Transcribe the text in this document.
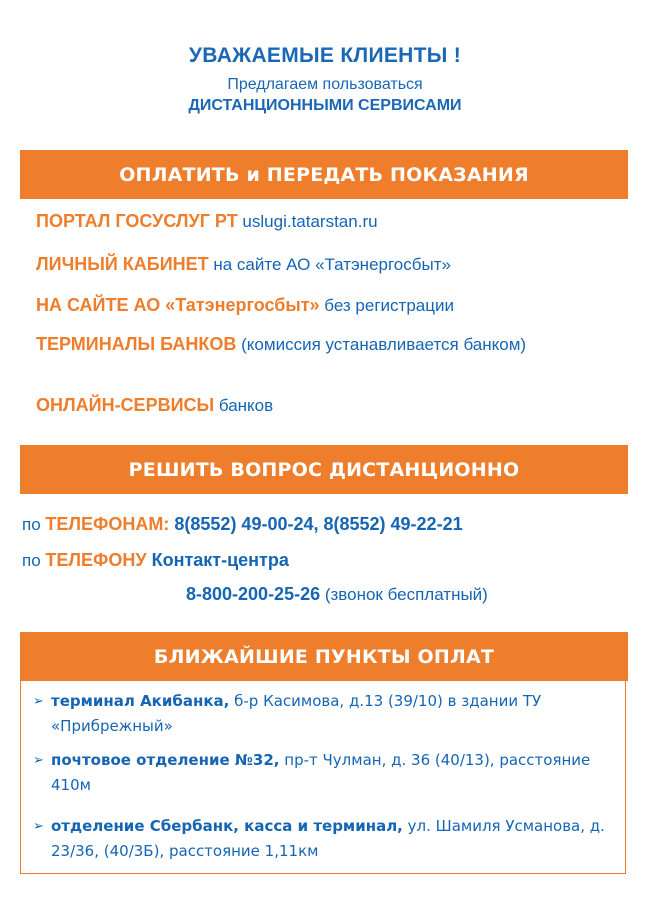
УВАЖАЕМЫЕ КЛИЕНТЫ !
Предлагаем пользоваться
ДИСТАНЦИОННЫМИ СЕРВИСАМИ
ОПЛАТИТЬ и ПЕРЕДАТЬ ПОКАЗАНИЯ
ПОРТАЛ ГОСУСЛУГ РТ uslugi.tatarstan.ru
ЛИЧНЫЙ КАБИНЕТ на сайте АО «Татэнергосбыт»
НА САЙТЕ АО «Татэнергосбыт» без регистрации
ТЕРМИНАЛЫ БАНКОВ (комиссия устанавливается банком)
ОНЛАЙН-СЕРВИСЫ банков
РЕШИТЬ ВОПРОС ДИСТАНЦИОННО
по ТЕЛЕФОНАМ: 8(8552) 49-00-24, 8(8552) 49-22-21
по ТЕЛЕФОНУ Контакт-центра
8-800-200-25-26 (звонок бесплатный)
БЛИЖАЙШИЕ ПУНКТЫ ОПЛАТ
➢ терминал Акибанка, б-р Касимова, д.13 (39/10) в здании ТУ «Прибрежный»
➢ почтовое отделение №32, пр-т Чулман, д. 36 (40/13), расстояние 410м
➢ отделение Сбербанк, касса и терминал, ул. Шамиля Усманова, д. 23/36, (40/3Б), расстояние 1,11км
